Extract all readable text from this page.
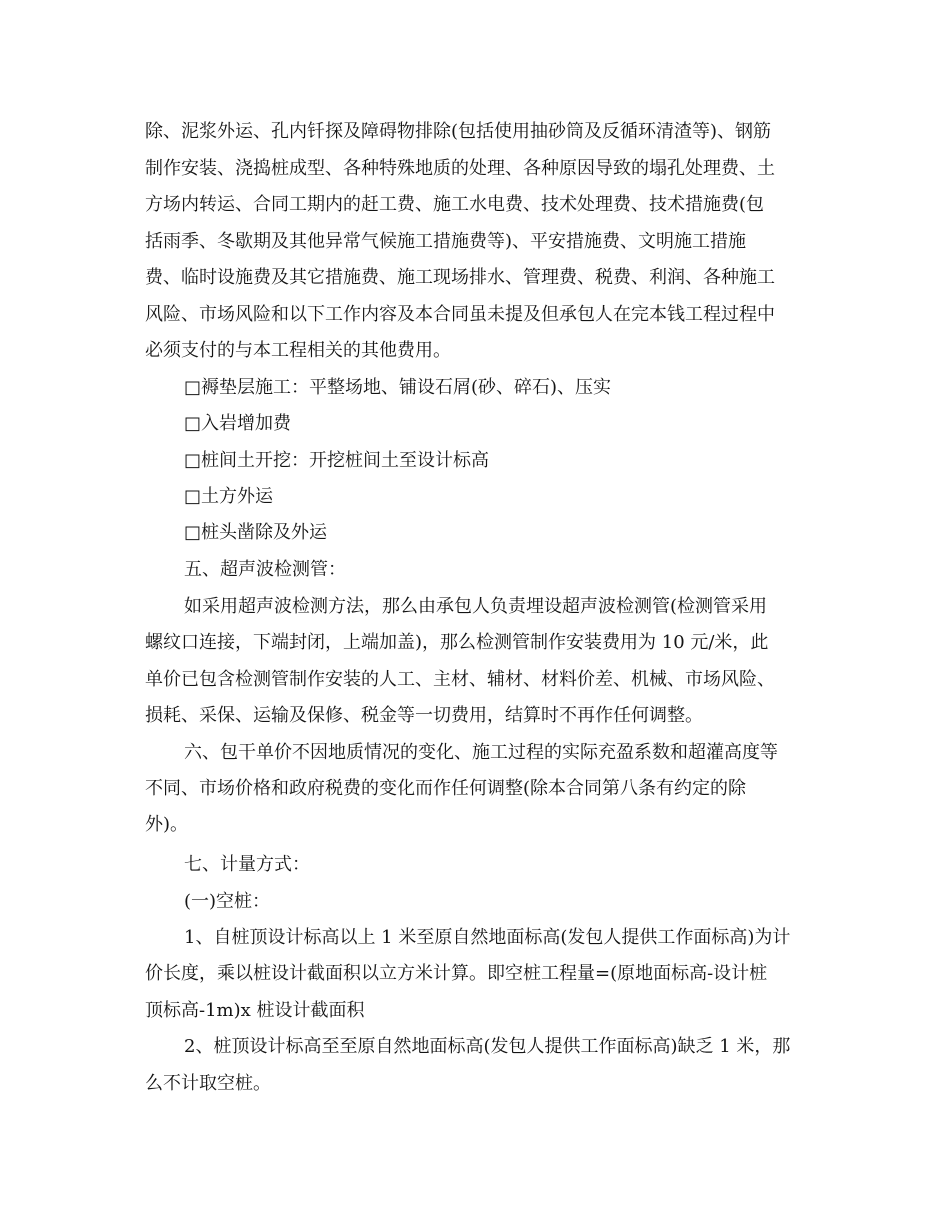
除、泥浆外运、孔内钎探及障碍物排除(包括使用抽砂筒及反循环清渣等)、钢筋
制作安装、浇捣桩成型、各种特殊地质的处理、各种原因导致的塌孔处理费、土
方场内转运、合同工期内的赶工费、施工水电费、技术处理费、技术措施费(包
括雨季、冬歇期及其他异常气候施工措施费等)、平安措施费、文明施工措施
费、临时设施费及其它措施费、施工现场排水、管理费、税费、利润、各种施工
风险、市场风险和以下工作内容及本合同虽未提及但承包人在完本钱工程过程中
必须支付的与本工程相关的其他费用。
□褥垫层施工：平整场地、铺设石屑(砂、碎石)、压实
□入岩增加费
□桩间土开挖：开挖桩间土至设计标高
□土方外运
□桩头凿除及外运
五、超声波检测管：
如采用超声波检测方法，那么由承包人负责埋设超声波检测管(检测管采用
螺纹口连接，下端封闭，上端加盖)，那么检测管制作安装费用为 10 元/米，此
单价已包含检测管制作安装的人工、主材、辅材、材料价差、机械、市场风险、
损耗、采保、运输及保修、税金等一切费用，结算时不再作任何调整。
六、包干单价不因地质情况的变化、施工过程的实际充盈系数和超灌高度等
不同、市场价格和政府税费的变化而作任何调整(除本合同第八条有约定的除
外)。
七、计量方式：
(一)空桩：
1、自桩顶设计标高以上 1 米至原自然地面标高(发包人提供工作面标高)为计
价长度，乘以桩设计截面积以立方米计算。即空桩工程量=(原地面标高-设计桩
顶标高-1m)x 桩设计截面积
2、桩顶设计标高至至原自然地面标高(发包人提供工作面标高)缺乏 1 米，那
么不计取空桩。
